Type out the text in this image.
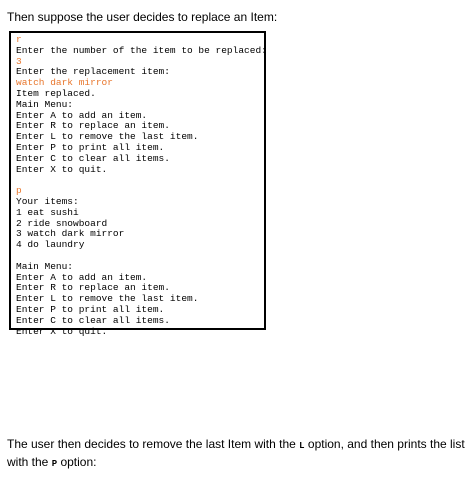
Then suppose the user decides to replace an Item:
r
Enter the number of the item to be replaced:
3
Enter the replacement item:
watch dark mirror
Item replaced.
Main Menu:
Enter A to add an item.
Enter R to replace an item.
Enter L to remove the last item.
Enter P to print all item.
Enter C to clear all items.
Enter X to quit.
p
Your items:
1 eat sushi
2 ride snowboard
3 watch dark mirror
4 do laundry
Main Menu:
Enter A to add an item.
Enter R to replace an item.
Enter L to remove the last item.
Enter P to print all item.
Enter C to clear all items.
Enter X to quit.
The user then decides to remove the last Item with the L option, and then prints the list with the P option:
